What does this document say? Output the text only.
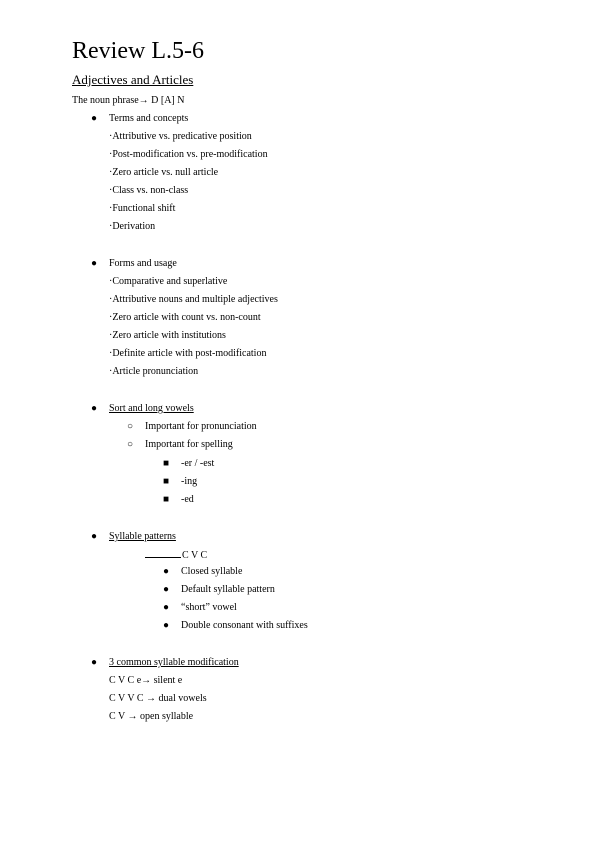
Review L.5-6
Adjectives and Articles
The noun phrase→ D [A] N
● Terms and concepts
·Attributive vs. predicative position
·Post-modification vs. pre-modification
·Zero article vs. null article
·Class vs. non-class
·Functional shift
·Derivation
● Forms and usage
·Comparative and superlative
·Attributive nouns and multiple adjectives
·Zero article with count vs. non-count
·Zero article with institutions
·Definite article with post-modification
·Article pronunciation
● Sort and long vowels
○ Important for pronunciation
○ Important for spelling
■ -er / -est
■ -ing
■ -ed
● Syllable patterns
C V C
● Closed syllable
● Default syllable pattern
● “short” vowel
● Double consonant with suffixes
● 3 common syllable modification
C V C e→ silent e
C V V C → dual vowels
C V → open syllable
